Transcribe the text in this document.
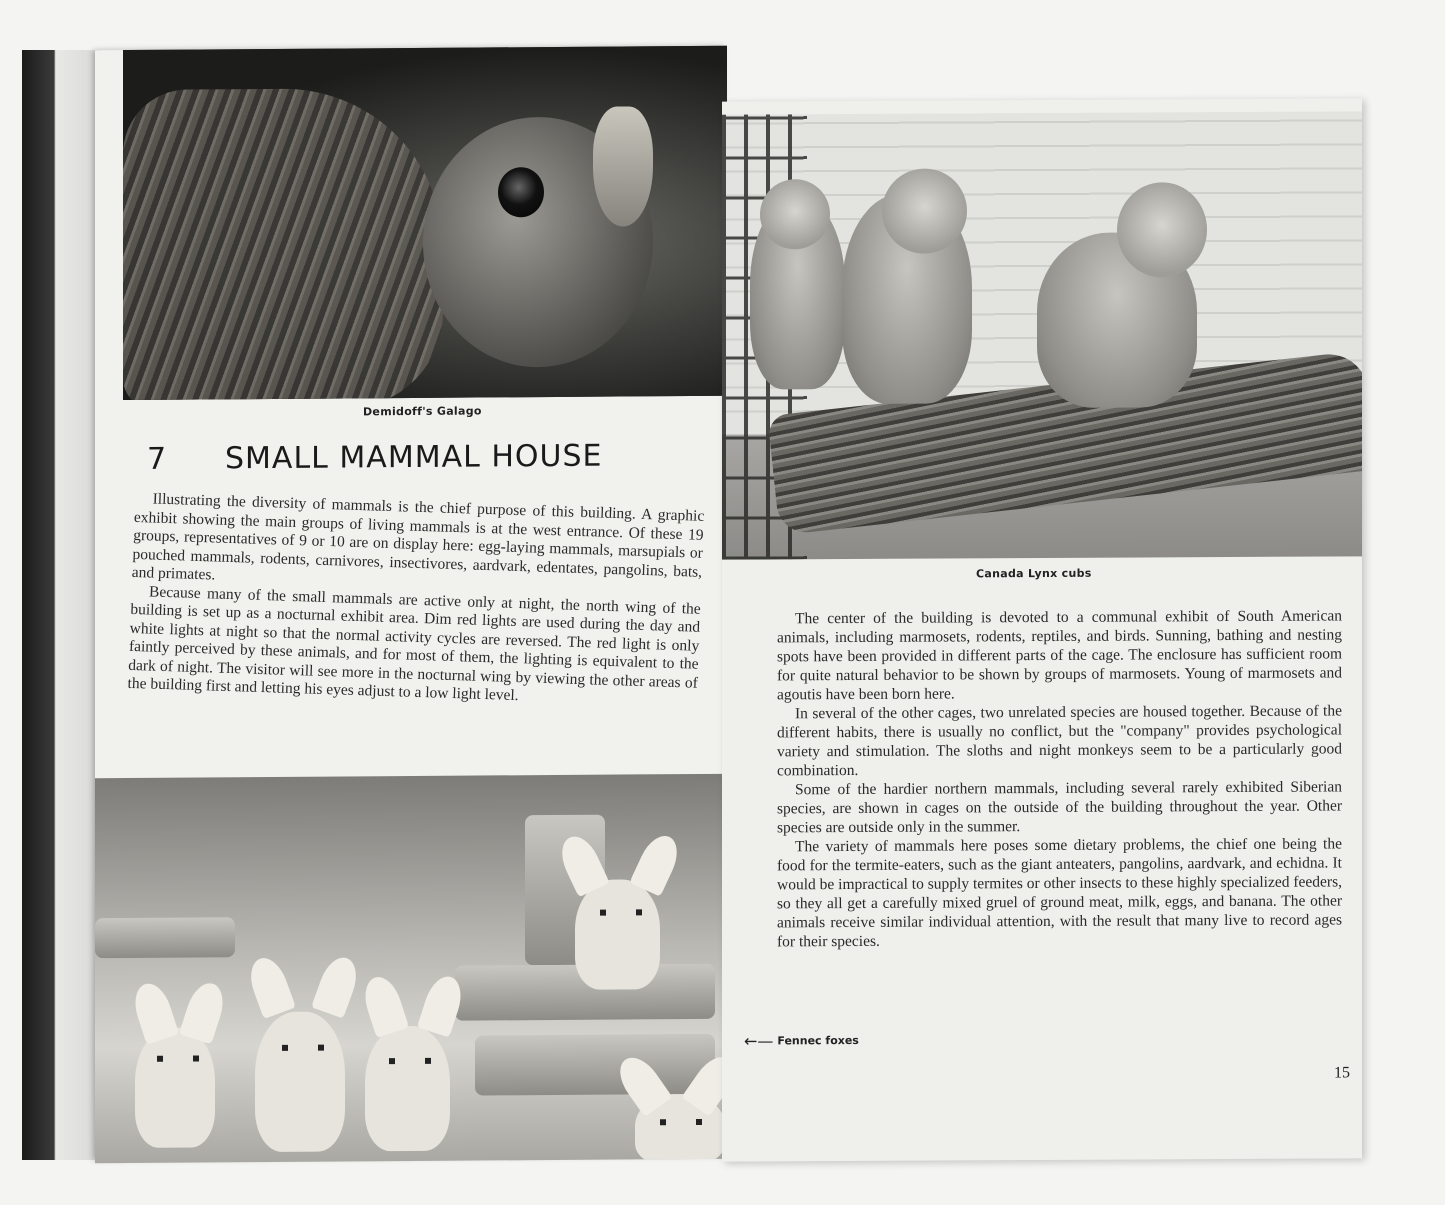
Demidoff's Galago
7 SMALL MAMMAL HOUSE

Illustrating the diversity of mammals is the chief purpose of this building. A graphic exhibit showing the main groups of living mammals is at the west entrance. Of these 19 groups, representatives of 9 or 10 are on display here: egg-laying mammals, marsupials or pouched mammals, rodents, carnivores, insectivores, aardvark, edentates, pangolins, bats, and primates.

Because many of the small mammals are active only at night, the north wing of the building is set up as a nocturnal exhibit area. Dim red lights are used during the day and white lights at night so that the normal activity cycles are reversed. The red light is only faintly perceived by these animals, and for most of them, the lighting is equivalent to the dark of night. The visitor will see more in the nocturnal wing by viewing the other areas of the building first and letting his eyes adjust to a low light level.

Canada Lynx cubs

The center of the building is devoted to a communal exhibit of South American animals, including marmosets, rodents, reptiles, and birds. Sunning, bathing and nesting spots have been provided in different parts of the cage. The enclosure has sufficient room for quite natural behavior to be shown by groups of marmosets. Young of marmosets and agoutis have been born here.

In several of the other cages, two unrelated species are housed together. Because of the different habits, there is usually no conflict, but the "company" provides psychological variety and stimulation. The sloths and night monkeys seem to be a particularly good combination.

Some of the hardier northern mammals, including several rarely exhibited Siberian species, are shown in cages on the outside of the building throughout the year. Other species are outside only in the summer.

The variety of mammals here poses some dietary problems, the chief one being the food for the termite-eaters, such as the giant anteaters, pangolins, aardvark, and echidna. It would be impractical to supply termites or other insects to these highly specialized feeders, so they all get a carefully mixed gruel of ground meat, milk, eggs, and banana. The other animals receive similar individual attention, with the result that many live to record ages for their species.

←— Fennec foxes
15
